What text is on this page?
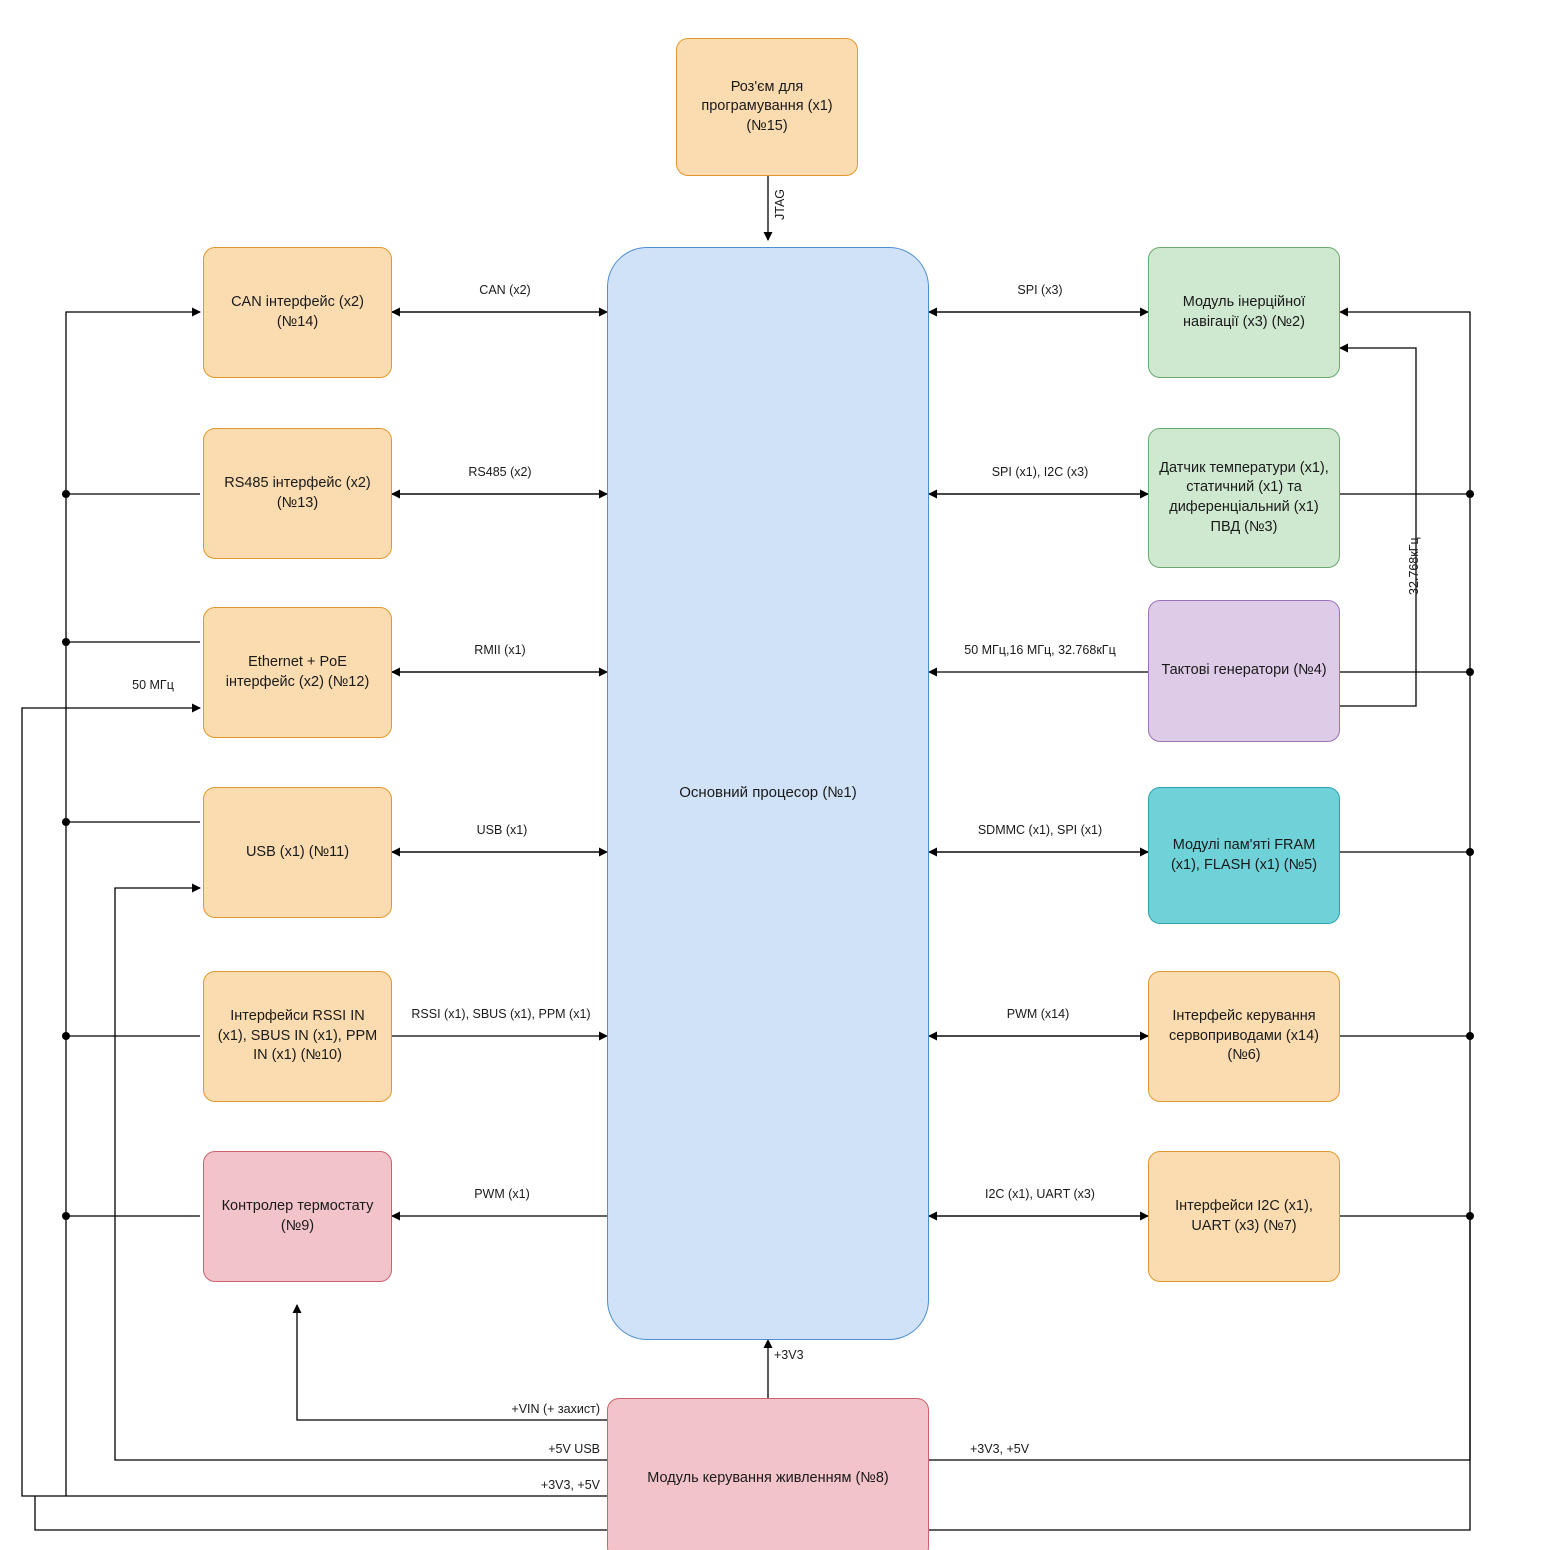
Роз'єм для програмування (x1) (№15)
Основний процесор (№1)
CAN інтерфейс (x2) (№14)
RS485 інтерфейс (x2) (№13)
Ethernet + PoE інтерфейс (x2) (№12)
USB (x1) (№11)
Інтерфейси RSSI IN (x1), SBUS IN (x1), PPM IN (x1) (№10)
Контролер термостату (№9)
Модуль інерційної навігації (x3) (№2)
Датчик температури (x1), статичний (x1) та диференціальний (x1) ПВД (№3)
Тактові генератори (№4)
Модулі пам'яті FRAM (x1), FLASH (x1) (№5)
Інтерфейс керування сервоприводами (x14) (№6)
Інтерфейси I2C (x1), UART (x3) (№7)
Модуль керування живленням (№8)
JTAG
CAN (x2)
RS485 (x2)
RMII (x1)
USB (x1)
RSSI (x1), SBUS (x1), PPM (x1)
PWM (x1)
SPI (x3)
SPI (x1), I2C (x3)
50 МГц,16 МГц, 32.768кГц
SDMMC (x1), SPI (x1)
PWM (x14)
I2C (x1), UART (x3)
50 МГц
32.768кГц
+3V3
+VIN (+ захист)
+5V USB
+3V3, +5V
+3V3, +5V
